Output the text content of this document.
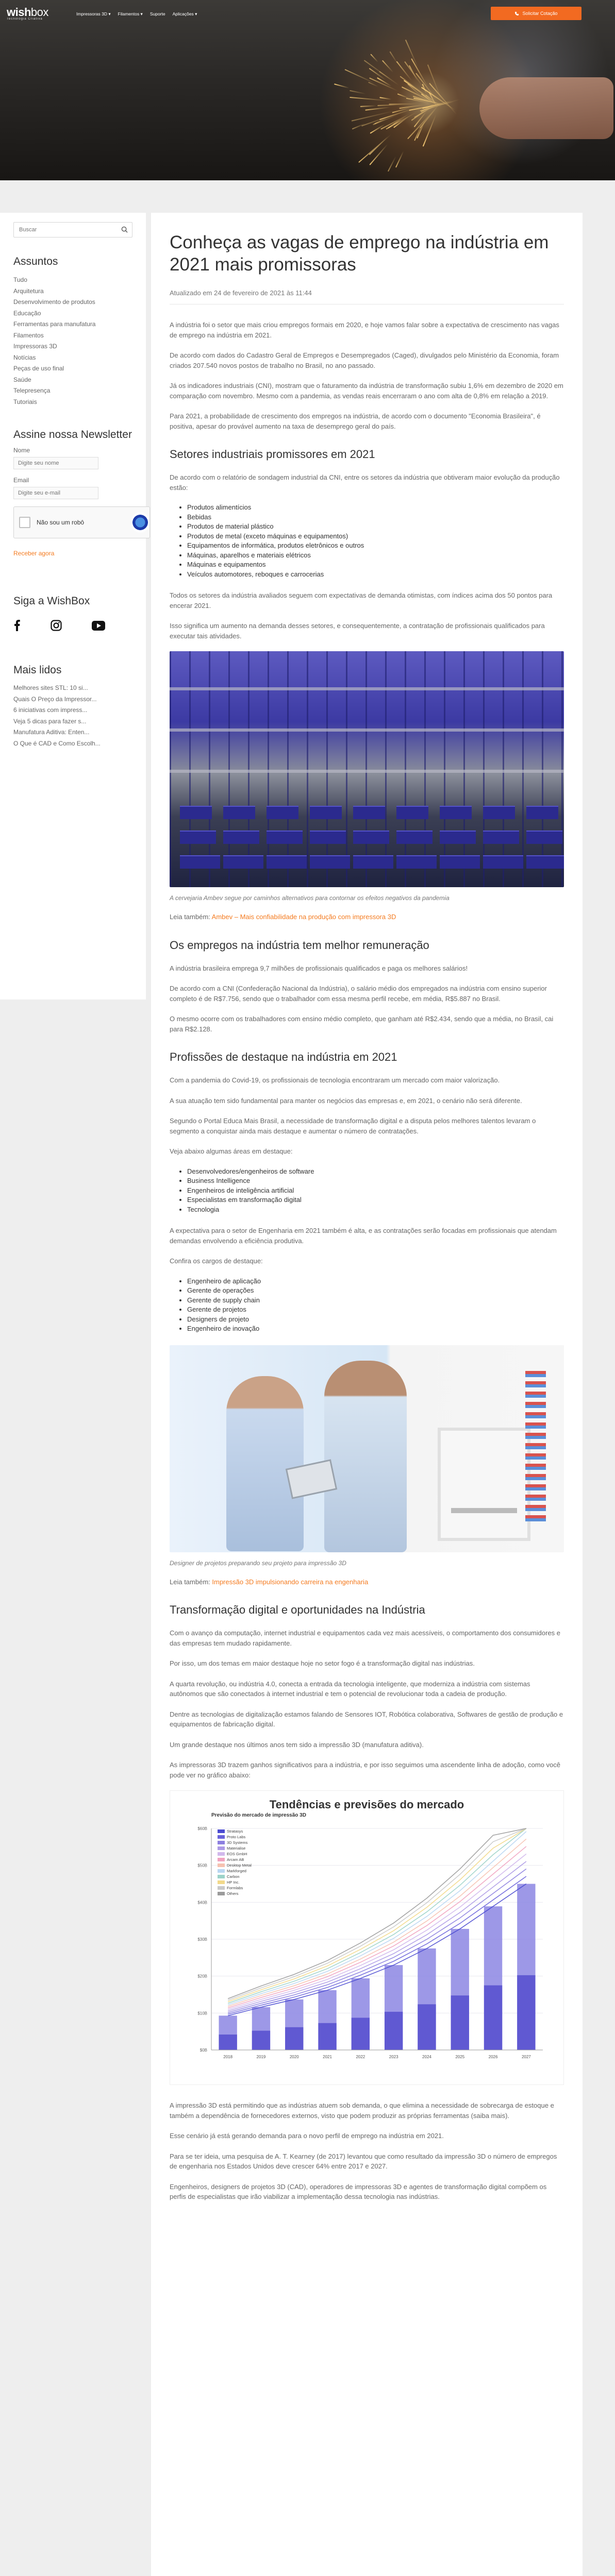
wishbox
Tecnologia Criativa
Impressoras 3D ▾ Filamentos ▾ Suporte Aplicações ▾	Solicitar Cotação
Buscar
Assuntos
Tudo
Arquitetura
Desenvolvimento de produtos
Educação
Ferramentas para manufatura
Filamentos
Impressoras 3D
Notícias
Peças de uso final
Saúde
Telepresença
Tutoriais
Assine nossa Newsletter
Nome
Digite seu nome
Email
Digite seu e-mail
Não sou um robô
Receber agora
Siga a WishBox
Mais lidos
Melhores sites STL: 10 si...
Quais O Preço da Impressor...
6 iniciativas com impress...
Veja 5 dicas para fazer s...
Manufatura Aditiva: Enten...
O Que é CAD e Como Escolh...
Conheça as vagas de emprego na indústria em 2021 mais promissoras
Atualizado em 24 de fevereiro de 2021 às 11:44

A indústria foi o setor que mais criou empregos formais em 2020, e hoje vamos falar sobre a expectativa de crescimento nas vagas de emprego na indústria em 2021.

De acordo com dados do Cadastro Geral de Empregos e Desempregados (Caged), divulgados pelo Ministério da Economia, foram criados 207.540 novos postos de trabalho no Brasil, no ano passado.

Já os indicadores industriais (CNI), mostram que o faturamento da indústria de transformação subiu 1,6% em dezembro de 2020 em comparação com novembro. Mesmo com a pandemia, as vendas reais encerraram o ano com alta de 0,8% em relação a 2019.

Para 2021, a probabilidade de crescimento dos empregos na indústria, de acordo com o documento "Economia Brasileira", é positiva, apesar do provável aumento na taxa de desemprego geral do país.

Setores industriais promissores em 2021

De acordo com o relatório de sondagem industrial da CNI, entre os setores da indústria que obtiveram maior evolução da produção estão:

• Produtos alimentícios
• Bebidas
• Produtos de material plástico
• Produtos de metal (exceto máquinas e equipamentos)
• Equipamentos de informática, produtos eletrônicos e outros
• Máquinas, aparelhos e materiais elétricos
• Máquinas e equipamentos
• Veículos automotores, reboques e carrocerias

Todos os setores da indústria avaliados seguem com expectativas de demanda otimistas, com índices acima dos 50 pontos para encerar 2021.

Isso significa um aumento na demanda desses setores, e consequentemente, a contratação de profissionais qualificados para executar tais atividades.

A cervejaria Ambev segue por caminhos alternativos para contornar os efeitos negativos da pandemia

Leia também: Ambev – Mais confiabilidade na produção com impressora 3D

Os empregos na indústria tem melhor remuneração

A indústria brasileira emprega 9,7 milhões de profissionais qualificados e paga os melhores salários!

De acordo com a CNI (Confederação Nacional da Indústria), o salário médio dos empregados na indústria com ensino superior completo é de R$7.756, sendo que o trabalhador com essa mesma perfil recebe, em média, R$5.887 no Brasil.

O mesmo ocorre com os trabalhadores com ensino médio completo, que ganham até R$2.434, sendo que a média, no Brasil, cai para R$2.128.

Profissões de destaque na indústria em 2021

Com a pandemia do Covid-19, os profissionais de tecnologia encontraram um mercado com maior valorização.

A sua atuação tem sido fundamental para manter os negócios das empresas e, em 2021, o cenário não será diferente.

Segundo o Portal Educa Mais Brasil, a necessidade de transformação digital e a disputa pelos melhores talentos levaram o segmento a conquistar ainda mais destaque e aumentar o número de contratações.

Veja abaixo algumas áreas em destaque:

• Desenvolvedores/engenheiros de software
• Business Intelligence
• Engenheiros de inteligência artificial
• Especialistas em transformação digital
• Tecnologia

A expectativa para o setor de Engenharia em 2021 também é alta, e as contratações serão focadas em profissionais que atendam demandas envolvendo a eficiência produtiva.

Confira os cargos de destaque:

• Engenheiro de aplicação
• Gerente de operações
• Gerente de supply chain
• Gerente de projetos
• Designers de projeto
• Engenheiro de inovação

Designer de projetos preparando seu projeto para impressão 3D

Leia também: Impressão 3D impulsionando carreira na engenharia

Transformação digital e oportunidades na Indústria

Com o avanço da computação, internet industrial e equipamentos cada vez mais acessíveis, o comportamento dos consumidores e das empresas tem mudado rapidamente.

Por isso, um dos temas em maior destaque hoje no setor fogo é a transformação digital nas indústrias.

A quarta revolução, ou indústria 4.0, conecta a entrada da tecnologia inteligente, que moderniza a indústria com sistemas autônomos que são conectados à internet industrial e tem o potencial de revolucionar toda a cadeia de produção.

Dentre as tecnologias de digitalização estamos falando de Sensores IOT, Robótica colaborativa, Softwares de gestão de produção e equipamentos de fabricação digital.

Um grande destaque nos últimos anos tem sido a impressão 3D (manufatura aditiva).

As impressoras 3D trazem ganhos significativos para a indústria, e por isso seguimos uma ascendente linha de adoção, como você pode ver no gráfico abaixo:

Tendências e previsões do mercado
Previsão do mercado de impressão 3D
$0B
$10B
$20B
$30B
$40B
$50B
$60B
2018	2019	2020	2021	2022	2023	2024	2025	2026	2027
Stratasys
Proto Labs
3D Systems
Materialise
EOS GmbH
Arcam AB
Desktop Metal
Markforged
Carbon
HP Inc.
Formlabs
Others

A impressão 3D está permitindo que as indústrias atuem sob demanda, o que elimina a necessidade de sobrecarga de estoque e também a dependência de fornecedores externos, visto que podem produzir as próprias ferramentas (saiba mais).

Esse cenário já está gerando demanda para o novo perfil de emprego na indústria em 2021.

Para se ter ideia, uma pesquisa de A. T. Kearney (de 2017) levantou que como resultado da impressão 3D o número de empregos de engenharia nos Estados Unidos deve crescer 64% entre 2017 e 2027.

Engenheiros, designers de projetos 3D (CAD), operadores de impressoras 3D e agentes de transformação digital compõem os perfis de especialistas que irão viabilizar a implementação dessa tecnologia nas indústrias.
